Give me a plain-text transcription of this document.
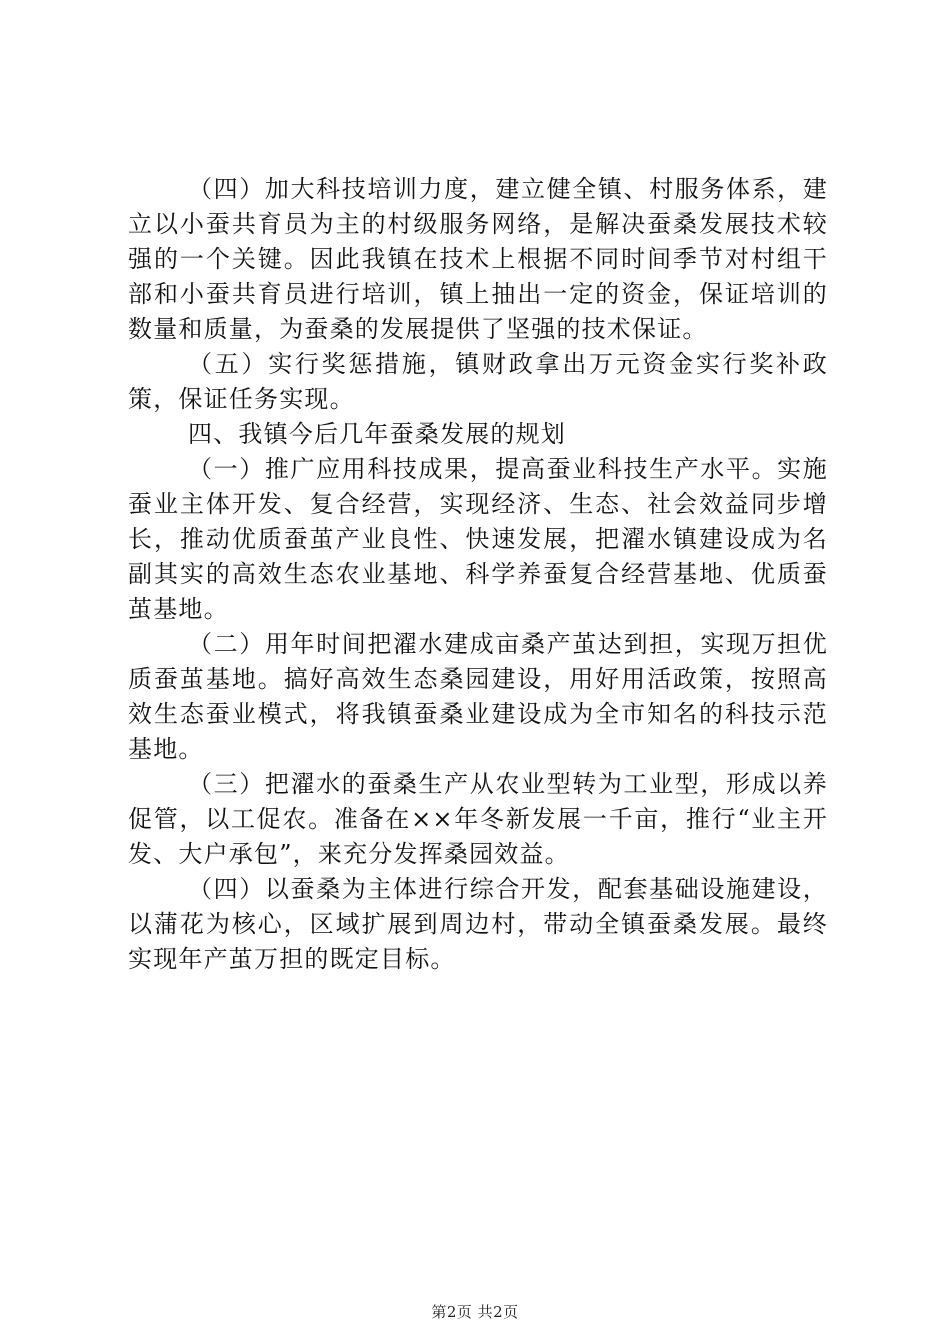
（四）加大科技培训力度，建立健全镇、村服务体系，建立以小蚕共育员为主的村级服务网络，是解决蚕桑发展技术较强的一个关键。因此我镇在技术上根据不同时间季节对村组干部和小蚕共育员进行培训，镇上抽出一定的资金，保证培训的数量和质量，为蚕桑的发展提供了坚强的技术保证。

（五）实行奖惩措施，镇财政拿出万元资金实行奖补政策，保证任务实现。

四、我镇今后几年蚕桑发展的规划

（一）推广应用科技成果，提高蚕业科技生产水平。实施蚕业主体开发、复合经营，实现经济、生态、社会效益同步增长，推动优质蚕茧产业良性、快速发展，把濯水镇建设成为名副其实的高效生态农业基地、科学养蚕复合经营基地、优质蚕茧基地。

（二）用年时间把濯水建成亩桑产茧达到担，实现万担优质蚕茧基地。搞好高效生态桑园建设，用好用活政策，按照高效生态蚕业模式，将我镇蚕桑业建设成为全市知名的科技示范基地。

（三）把濯水的蚕桑生产从农业型转为工业型，形成以养促管，以工促农。准备在××年冬新发展一千亩，推行“业主开发、大户承包”，来充分发挥桑园效益。

（四）以蚕桑为主体进行综合开发，配套基础设施建设，以蒲花为核心，区域扩展到周边村，带动全镇蚕桑发展。最终实现年产茧万担的既定目标。

第2页 共2页
